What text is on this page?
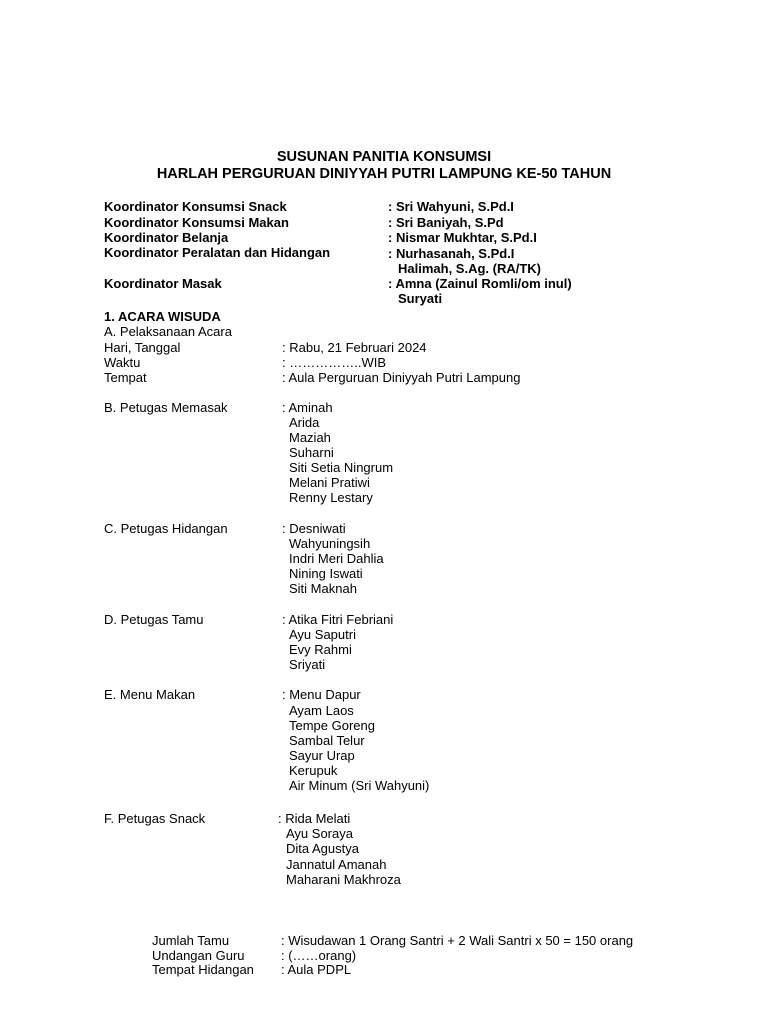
SUSUNAN PANITIA KONSUMSI
HARLAH PERGURUAN DINIYYAH PUTRI LAMPUNG KE-50 TAHUN
Koordinator Konsumsi Snack	: Sri Wahyuni, S.Pd.I
Koordinator Konsumsi Makan	: Sri Baniyah, S.Pd
Koordinator Belanja	: Nismar Mukhtar, S.Pd.I
Koordinator Peralatan dan Hidangan	: Nurhasanah, S.Pd.I
Halimah, S.Ag. (RA/TK)
Koordinator Masak	: Amna (Zainul Romli/om inul)
Suryati
1. ACARA WISUDA
A. Pelaksanaan Acara
Hari, Tanggal	: Rabu, 21 Februari 2024
Waktu	: ……………..WIB
Tempat	: Aula Perguruan Diniyyah Putri Lampung
B. Petugas Memasak	: Aminah
Arida
Maziah
Suharni
Siti Setia Ningrum
Melani Pratiwi
Renny Lestary
C. Petugas Hidangan	: Desniwati
Wahyuningsih
Indri Meri Dahlia
Nining Iswati
Siti Maknah
D. Petugas Tamu	: Atika Fitri Febriani
Ayu Saputri
Evy Rahmi
Sriyati
E. Menu Makan	: Menu Dapur
Ayam Laos
Tempe Goreng
Sambal Telur
Sayur Urap
Kerupuk
Air Minum (Sri Wahyuni)
F. Petugas Snack	: Rida Melati
Ayu Soraya
Dita Agustya
Jannatul Amanah
Maharani Makhroza
Jumlah Tamu	: Wisudawan 1 Orang Santri + 2 Wali Santri x 50 = 150 orang
Undangan Guru	: (……orang)
Tempat Hidangan : Aula PDPL
